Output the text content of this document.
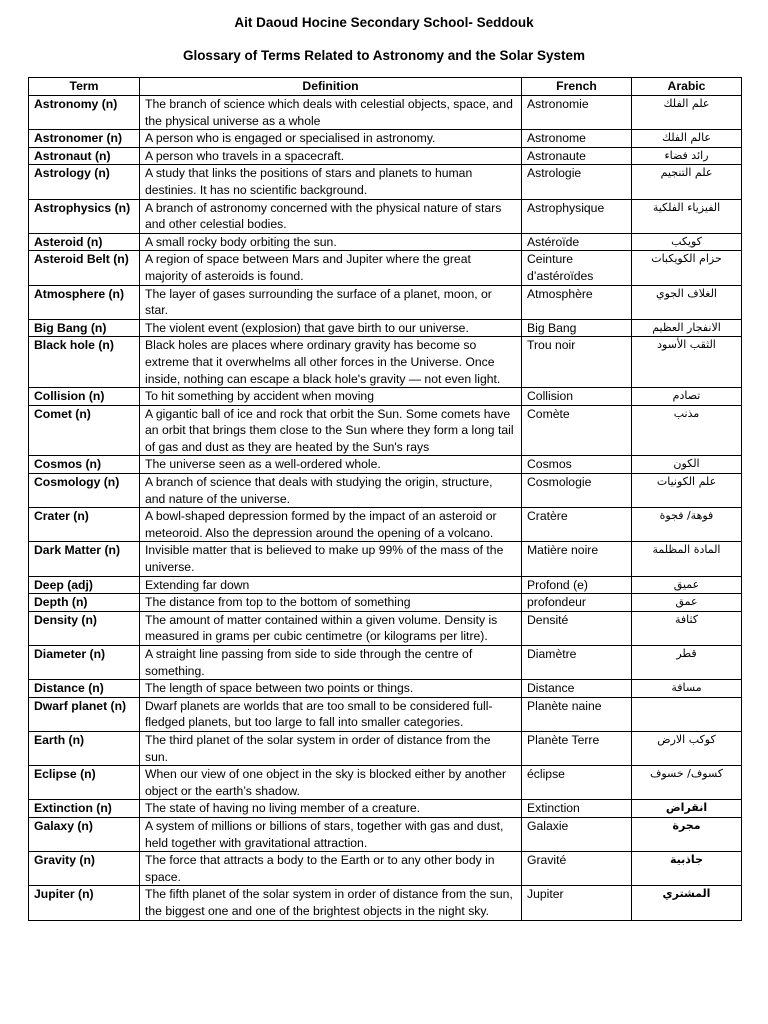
Ait Daoud Hocine Secondary School- Seddouk
Glossary of Terms Related to Astronomy and the Solar System
Term	Definition	French	Arabic
Astronomy (n)	The branch of science which deals with celestial objects, space, and the physical universe as a whole	Astronomie	علم الفلك
Astronomer (n)	A person who is engaged or specialised in astronomy.	Astronome	عالم الفلك
Astronaut (n)	A person who travels in a spacecraft.	Astronaute	رائد فضاء
Astrology (n)	A study that links the positions of stars and planets to human destinies. It has no scientific background.	Astrologie	علم التنجيم
Astrophysics (n)	A branch of astronomy concerned with the physical nature of stars and other celestial bodies.	Astrophysique	الفيزياء الفلكية
Asteroid (n)	A small rocky body orbiting the sun.	Astéroïde	كويكب
Asteroid Belt (n)	A region of space between Mars and Jupiter where the great majority of asteroids is found.	Ceinture d’astéroïdes	حزام الكويكبات
Atmosphere (n)	The layer of gases surrounding the surface of a planet, moon, or star.	Atmosphère	الغلاف الجوي
Big Bang (n)	The violent event (explosion) that gave birth to our universe.	Big Bang	الانفجار العظيم
Black hole (n)	Black holes are places where ordinary gravity has become so extreme that it overwhelms all other forces in the Universe. Once inside, nothing can escape a black hole's gravity — not even light.	Trou noir	الثقب الأسود
Collision (n)	To hit something by accident when moving	Collision	تصادم
Comet (n)	A gigantic ball of ice and rock that orbit the Sun. Some comets have an orbit that brings them close to the Sun where they form a long tail of gas and dust as they are heated by the Sun's rays	Comète	مذنب
Cosmos (n)	The universe seen as a well-ordered whole.	Cosmos	الكون
Cosmology (n)	A branch of science that deals with studying the origin, structure, and nature of the universe.	Cosmologie	علم الكونيات
Crater (n)	A bowl-shaped depression formed by the impact of an asteroid or meteoroid. Also the depression around the opening of a volcano.	Cratère	فوهة/ فجوة
Dark Matter (n)	Invisible matter that is believed to make up 99% of the mass of the universe.	Matière noire	المادة المظلمة
Deep (adj)	Extending far down	Profond (e)	عميق
Depth (n)	The distance from top to the bottom of something	profondeur	عمق
Density (n)	The amount of matter contained within a given volume. Density is measured in grams per cubic centimetre (or kilograms per litre).	Densité	كثافة
Diameter (n)	A straight line passing from side to side through the centre of something.	Diamètre	قطر
Distance (n)	The length of space between two points or things.	Distance	مسافة
Dwarf planet (n)	Dwarf planets are worlds that are too small to be considered full-fledged planets, but too large to fall into smaller categories.	Planète naine	
Earth (n)	The third planet of the solar system in order of distance from the sun.	Planète Terre	كوكب الارض
Eclipse (n)	When our view of one object in the sky is blocked either by another object or the earth’s shadow.	éclipse	كسوف/ خسوف
Extinction (n)	The state of having no living member of a creature.	Extinction	انقراض
Galaxy (n)	A system of millions or billions of stars, together with gas and dust, held together with gravitational attraction.	Galaxie	مجرة
Gravity (n)	The force that attracts a body to the Earth or to any other body in space.	Gravité	جاذبية
Jupiter (n)	The fifth planet of the solar system in order of distance from the sun, the biggest one and one of the brightest objects in the night sky.	Jupiter	المشتري
